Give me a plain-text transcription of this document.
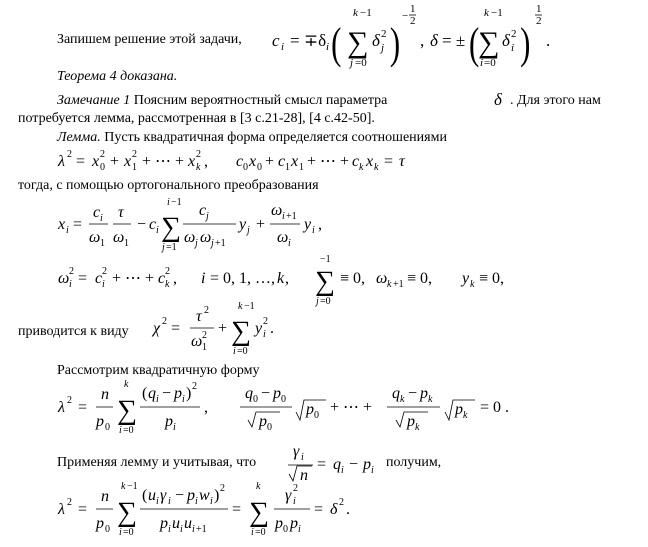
Запишем решение этой задачи, c i = ∓δ i (
k −1
∑
j =0
δ 2
j )
−
1
2
, δ = ± (
k −1
∑
i =0
δ 2
i )
1
2
.
λ 2 = x 2
0 + x 2
1 + ⋯ + x 2
k , c 0 x 0 + c 1 x 1 + ⋯ + c k x k = τ
x i =
c i
ω 1
τ
ω 1
− c i
i −1
∑
j =1
c j
ω j ω j +1
y j +
ω i +1
ω i
y i ,
ω 2
i = c 2
i + ⋯ + c 2
k , i = 0, 1, …, k ,
−1
∑
j =0
≡ 0, ω k +1 ≡ 0, y k ≡ 0,
χ 2 =
τ 2
ω 2
1
+
k −1
∑
i =0
y 2
i .
λ 2 =
n
p 0
k
∑
i =0
( q i − p i ) 2
p i
,
q 0 − p 0
p 0
p 0 + ⋯ +
q k − p k
p k
p k = 0 .
γ i
n
= q i − p i
λ 2 =
n
p 0
k −1
∑
i =0
( u i γ i − p i w i ) 2
p i u i u i +1
=
k
∑
i =0
γ 2
i
p 0 p i
= δ 2 .
δ
Теорема 4 доказана.
Замечание 1 Поясним вероятностный смысл параметра	. Для этого нам
потребуется лемма, рассмотренная в [3 с.21-28], [4 с.42-50].
Лемма. Пусть квадратичная форма определяется соотношениями
тогда, с помощью ортогонального преобразования
приводится к виду
Рассмотрим квадратичную форму
Применяя лемму и учитывая, что	получим,
